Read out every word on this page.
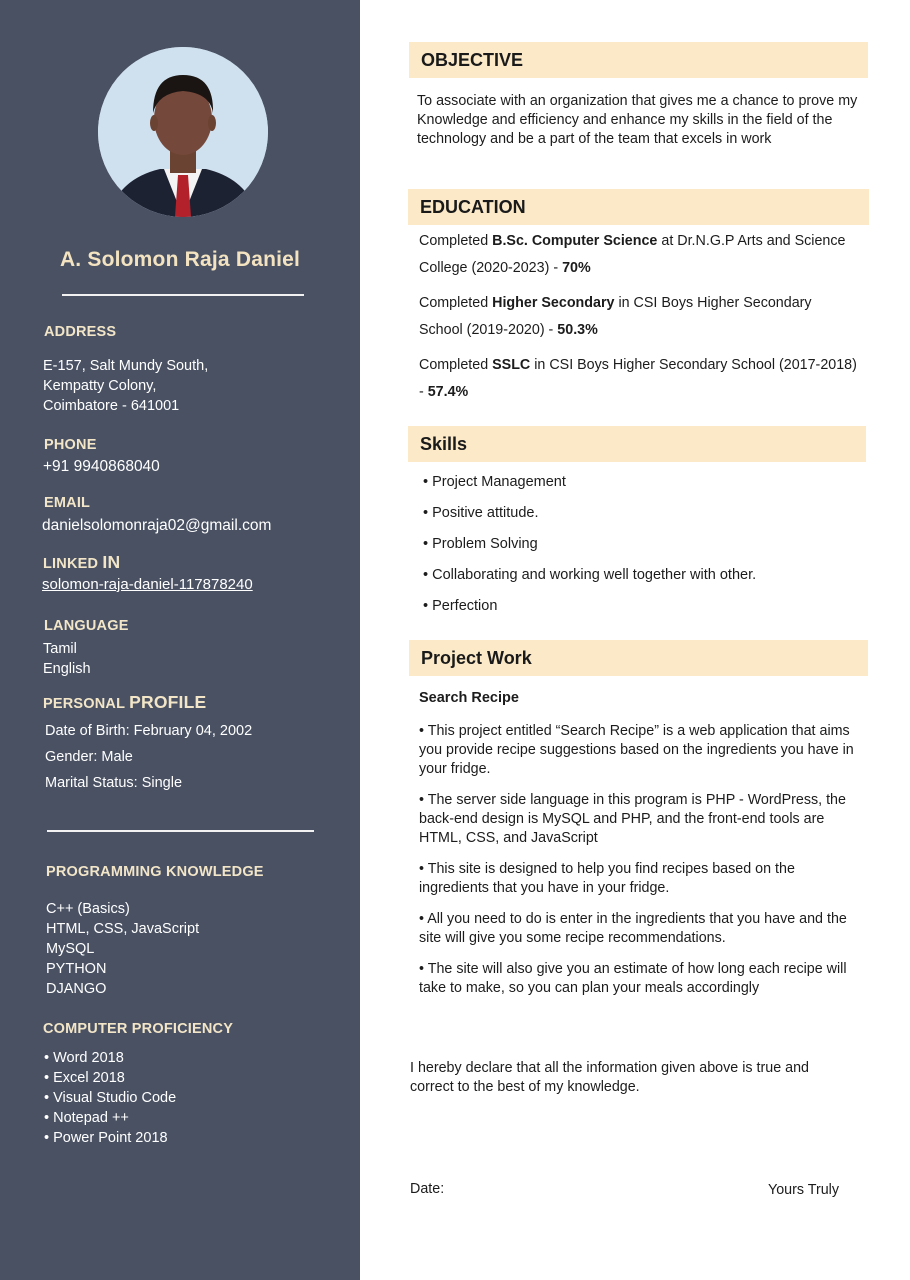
A. Solomon Raja Daniel
ADDRESS
E-157, Salt Mundy South,
Kempatty Colony,
Coimbatore - 641001
PHONE
+91 9940868040
EMAIL
danielsolomonraja02@gmail.com
LINKED IN
solomon-raja-daniel-117878240
LANGUAGE
Tamil
English
PERSONAL PROFILE
Date of Birth: February 04, 2002
Gender: Male
Marital Status: Single
PROGRAMMING KNOWLEDGE
C++ (Basics)
HTML, CSS, JavaScript
MySQL
PYTHON
DJANGO
COMPUTER PROFICIENCY
• Word 2018
• Excel 2018
• Visual Studio Code
• Notepad ++
• Power Point 2018
OBJECTIVE
To associate with an organization that gives me a chance to prove my Knowledge and efficiency and enhance my skills in the field of the technology and be a part of the team that excels in work
EDUCATION
Completed B.Sc. Computer Science at Dr.N.G.P Arts and Science College (2020-2023) - 70%
Completed Higher Secondary in CSI Boys Higher Secondary School (2019-2020) - 50.3%
Completed SSLC in CSI Boys Higher Secondary School (2017-2018) - 57.4%
Skills
• Project Management
• Positive attitude.
• Problem Solving
• Collaborating and working well together with other.
• Perfection
Project Work
Search Recipe
• This project entitled “Search Recipe” is a web application that aims you provide recipe suggestions based on the ingredients you have in your fridge.
• The server side language in this program is PHP - WordPress, the back-end design is MySQL and PHP, and the front-end tools are HTML, CSS, and JavaScript
• This site is designed to help you find recipes based on the ingredients that you have in your fridge.
• All you need to do is enter in the ingredients that you have and the site will give you some recipe recommendations.
• The site will also give you an estimate of how long each recipe will take to make, so you can plan your meals accordingly
I hereby declare that all the information given above is true and correct to the best of my knowledge.
Date:	Yours Truly
